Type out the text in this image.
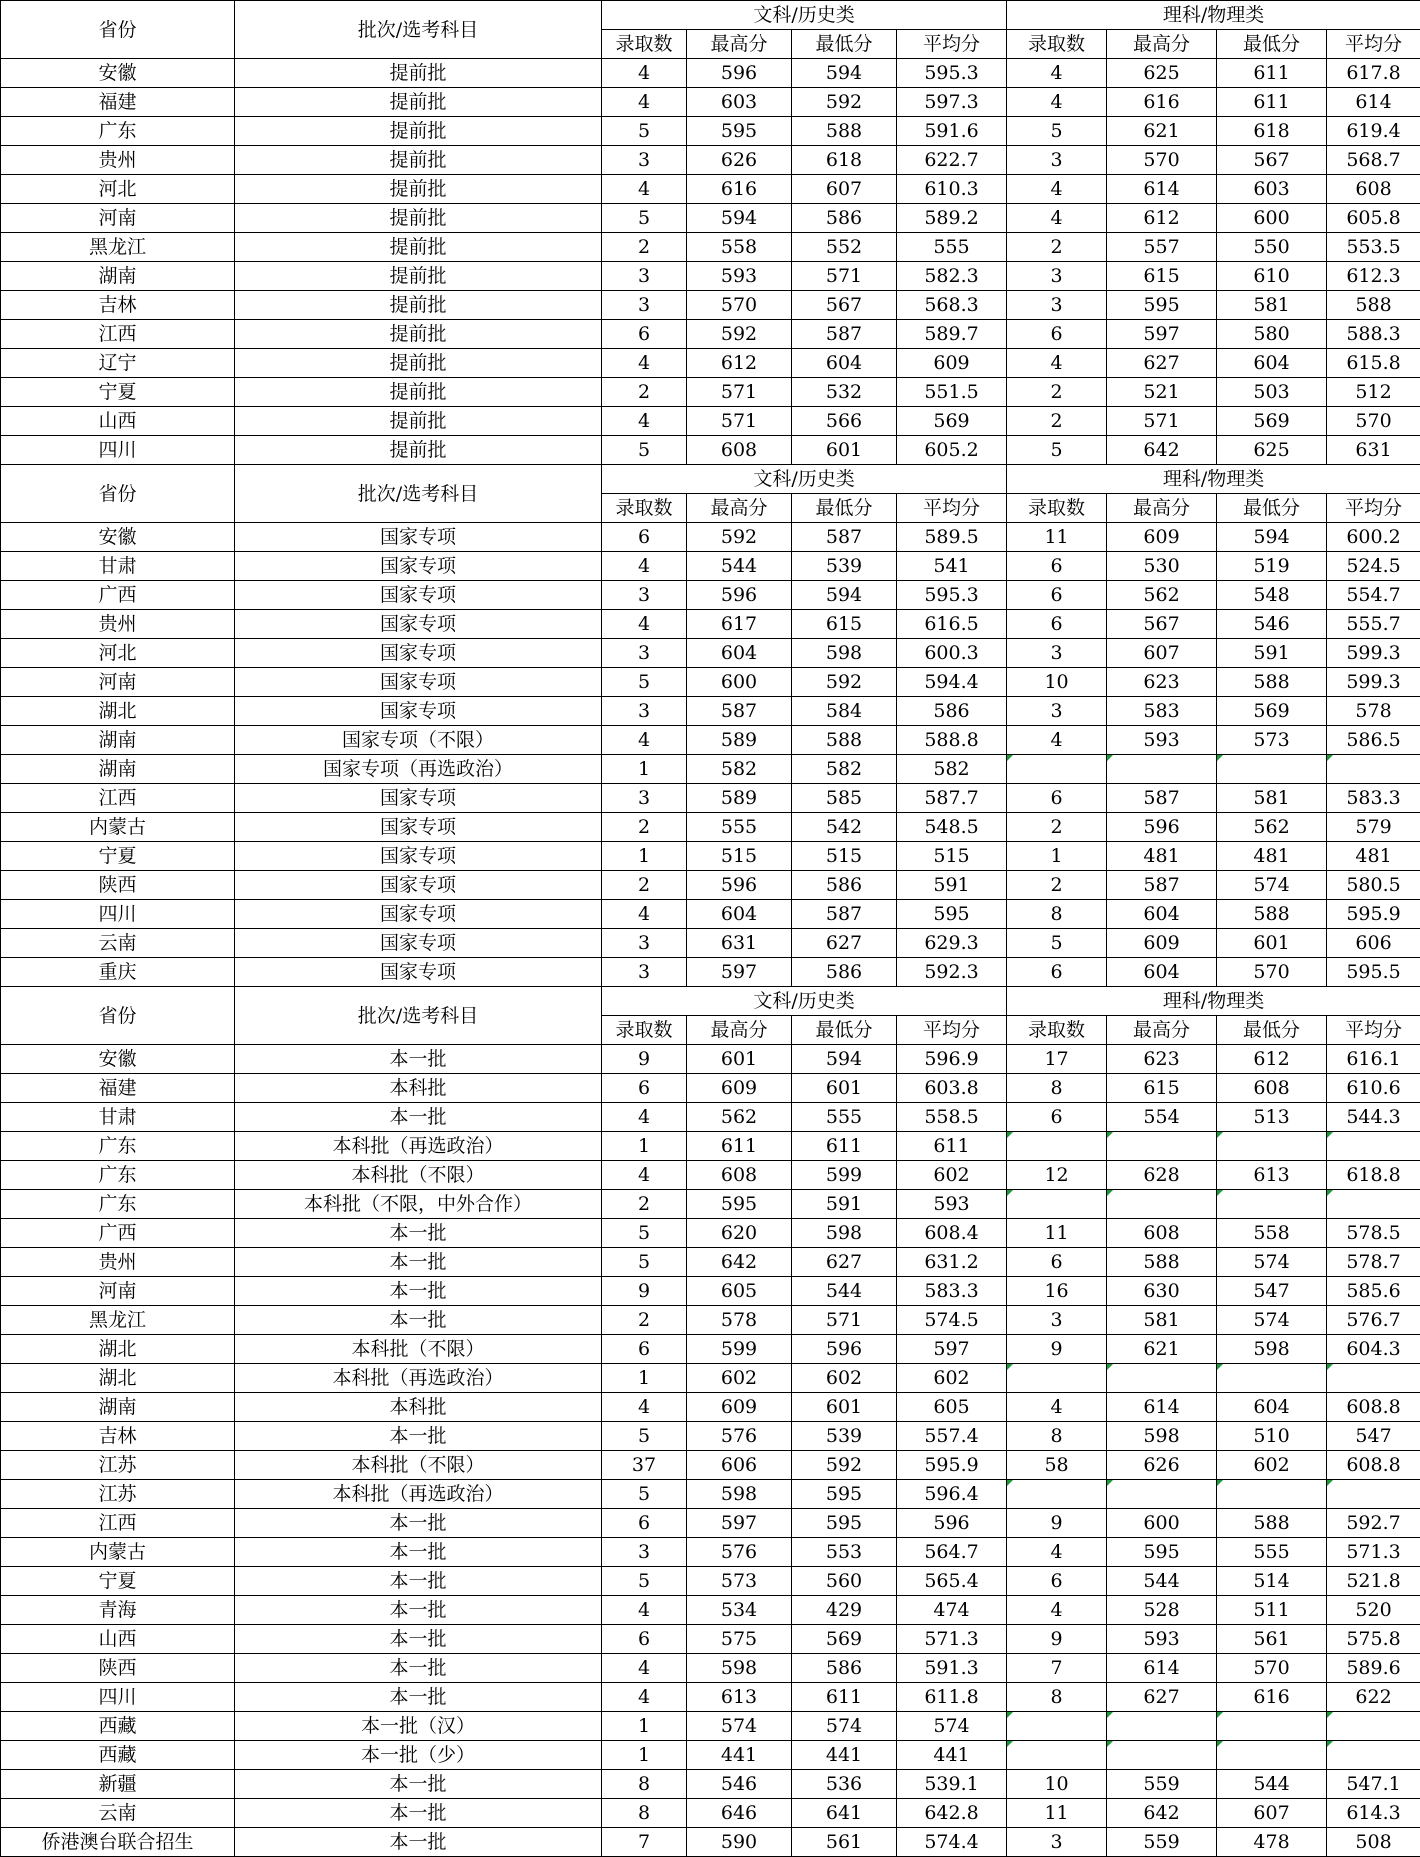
省份	批次/选考科目	文科/历史类				理科/物理类			
		录取数	最高分	最低分	平均分	录取数	最高分	最低分	平均分
安徽	提前批	4	596	594	595.3	4	625	611	617.8
福建	提前批	4	603	592	597.3	4	616	611	614
广东	提前批	5	595	588	591.6	5	621	618	619.4
贵州	提前批	3	626	618	622.7	3	570	567	568.7
河北	提前批	4	616	607	610.3	4	614	603	608
河南	提前批	5	594	586	589.2	4	612	600	605.8
黑龙江	提前批	2	558	552	555	2	557	550	553.5
湖南	提前批	3	593	571	582.3	3	615	610	612.3
吉林	提前批	3	570	567	568.3	3	595	581	588
江西	提前批	6	592	587	589.7	6	597	580	588.3
辽宁	提前批	4	612	604	609	4	627	604	615.8
宁夏	提前批	2	571	532	551.5	2	521	503	512
山西	提前批	4	571	566	569	2	571	569	570
四川	提前批	5	608	601	605.2	5	642	625	631
省份	批次/选考科目	文科/历史类				理科/物理类			
		录取数	最高分	最低分	平均分	录取数	最高分	最低分	平均分
安徽	国家专项	6	592	587	589.5	11	609	594	600.2
甘肃	国家专项	4	544	539	541	6	530	519	524.5
广西	国家专项	3	596	594	595.3	6	562	548	554.7
贵州	国家专项	4	617	615	616.5	6	567	546	555.7
河北	国家专项	3	604	598	600.3	3	607	591	599.3
河南	国家专项	5	600	592	594.4	10	623	588	599.3
湖北	国家专项	3	587	584	586	3	583	569	578
湖南	国家专项（不限）	4	589	588	588.8	4	593	573	586.5
湖南	国家专项（再选政治）	1	582	582	582				
江西	国家专项	3	589	585	587.7	6	587	581	583.3
内蒙古	国家专项	2	555	542	548.5	2	596	562	579
宁夏	国家专项	1	515	515	515	1	481	481	481
陕西	国家专项	2	596	586	591	2	587	574	580.5
四川	国家专项	4	604	587	595	8	604	588	595.9
云南	国家专项	3	631	627	629.3	5	609	601	606
重庆	国家专项	3	597	586	592.3	6	604	570	595.5
省份	批次/选考科目	文科/历史类				理科/物理类			
		录取数	最高分	最低分	平均分	录取数	最高分	最低分	平均分
安徽	本一批	9	601	594	596.9	17	623	612	616.1
福建	本科批	6	609	601	603.8	8	615	608	610.6
甘肃	本一批	4	562	555	558.5	6	554	513	544.3
广东	本科批（再选政治）	1	611	611	611				
广东	本科批（不限）	4	608	599	602	12	628	613	618.8
广东	本科批（不限，中外合作）	2	595	591	593				
广西	本一批	5	620	598	608.4	11	608	558	578.5
贵州	本一批	5	642	627	631.2	6	588	574	578.7
河南	本一批	9	605	544	583.3	16	630	547	585.6
黑龙江	本一批	2	578	571	574.5	3	581	574	576.7
湖北	本科批（不限）	6	599	596	597	9	621	598	604.3
湖北	本科批（再选政治）	1	602	602	602				
湖南	本科批	4	609	601	605	4	614	604	608.8
吉林	本一批	5	576	539	557.4	8	598	510	547
江苏	本科批（不限）	37	606	592	595.9	58	626	602	608.8
江苏	本科批（再选政治）	5	598	595	596.4				
江西	本一批	6	597	595	596	9	600	588	592.7
内蒙古	本一批	3	576	553	564.7	4	595	555	571.3
宁夏	本一批	5	573	560	565.4	6	544	514	521.8
青海	本一批	4	534	429	474	4	528	511	520
山西	本一批	6	575	569	571.3	9	593	561	575.8
陕西	本一批	4	598	586	591.3	7	614	570	589.6
四川	本一批	4	613	611	611.8	8	627	616	622
西藏	本一批（汉）	1	574	574	574				
西藏	本一批（少）	1	441	441	441				
新疆	本一批	8	546	536	539.1	10	559	544	547.1
云南	本一批	8	646	641	642.8	11	642	607	614.3
侨港澳台联合招生	本一批	7	590	561	574.4	3	559	478	508
